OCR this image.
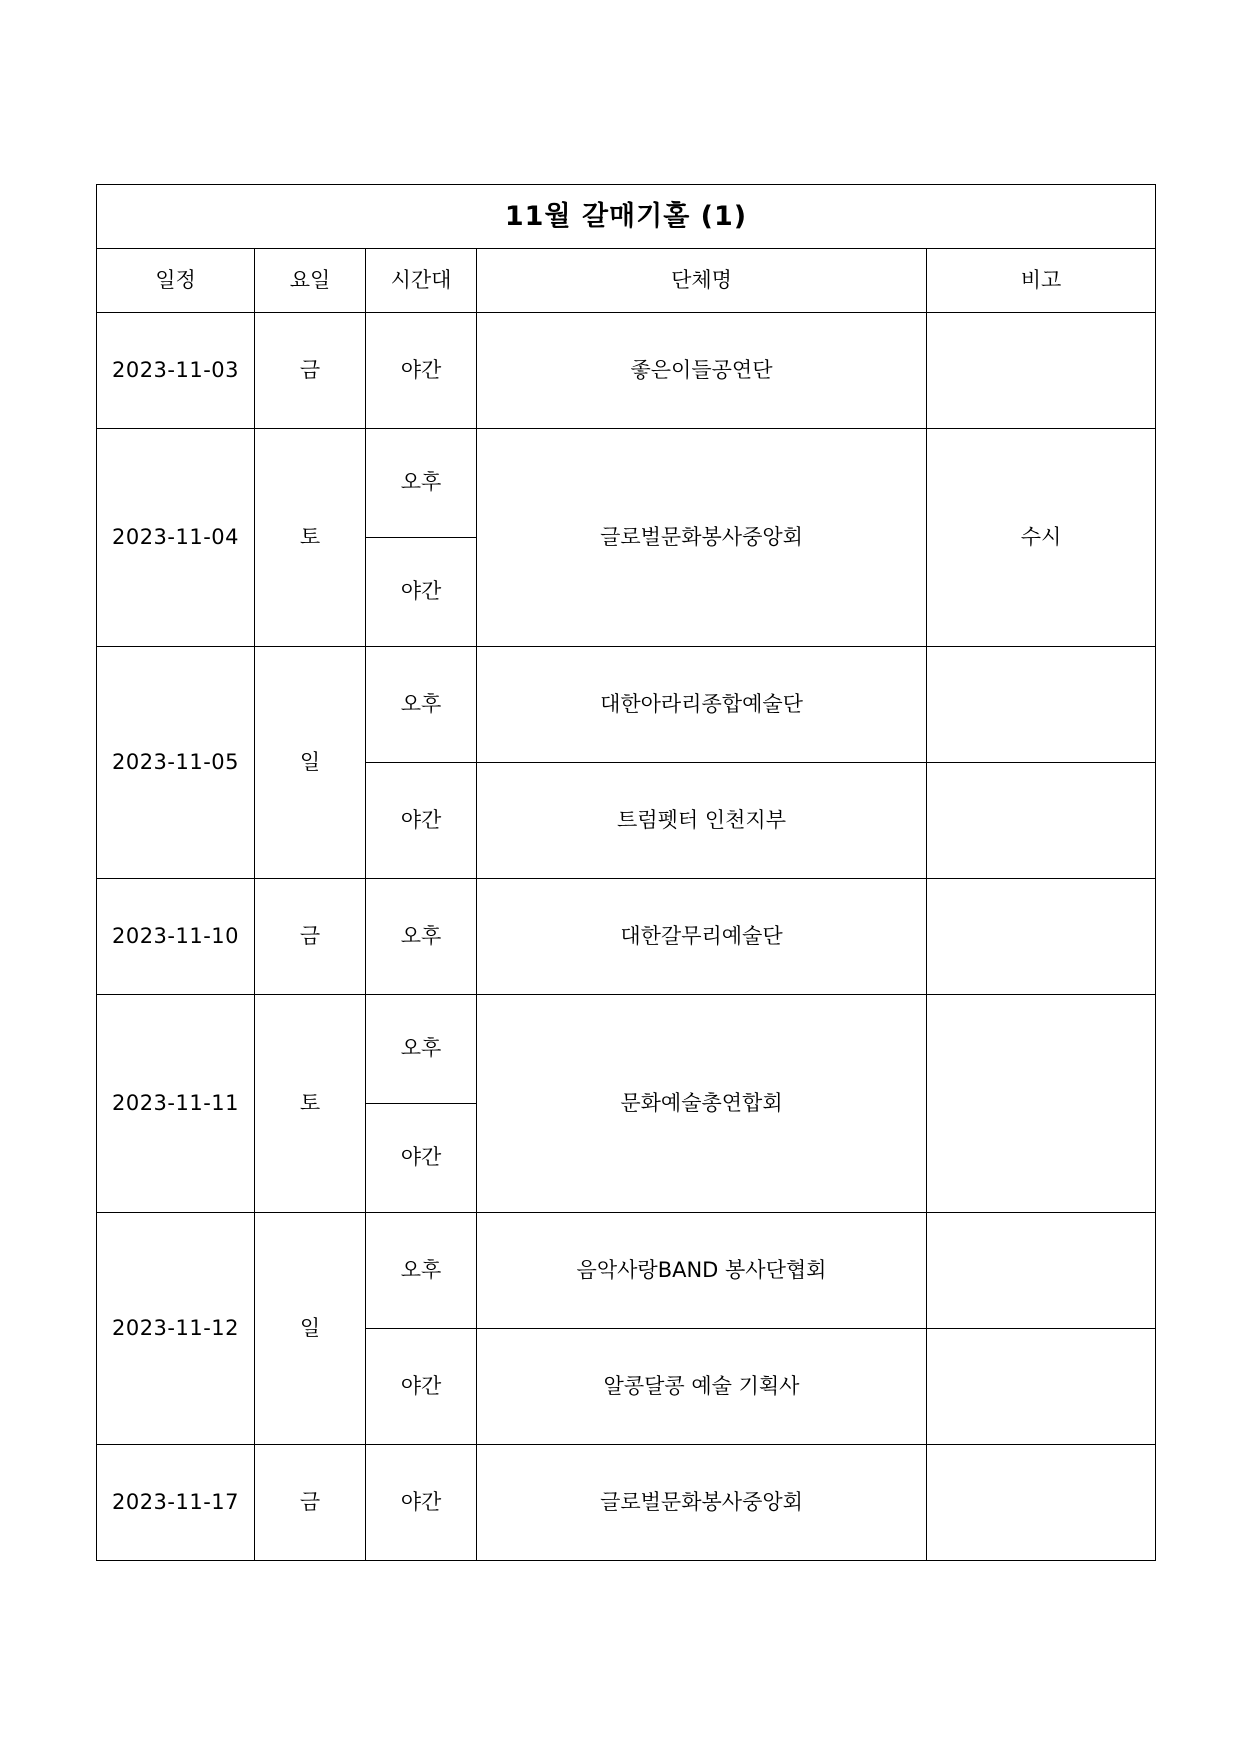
11월 갈매기홀 (1)				
일정	요일	시간대	단체명	비고
2023-11-03	금	야간	좋은이들공연단	
2023-11-04	토	오후	글로벌문화봉사중앙회	수시
		야간		
2023-11-05	일	오후	대한아라리종합예술단	
		야간	트럼펫터 인천지부	
2023-11-10	금	오후	대한갈무리예술단	
2023-11-11	토	오후	문화예술총연합회	
		야간		
2023-11-12	일	오후	음악사랑BAND 봉사단협회	
		야간	알콩달콩 예술 기획사	
2023-11-17	금	야간	글로벌문화봉사중앙회	
